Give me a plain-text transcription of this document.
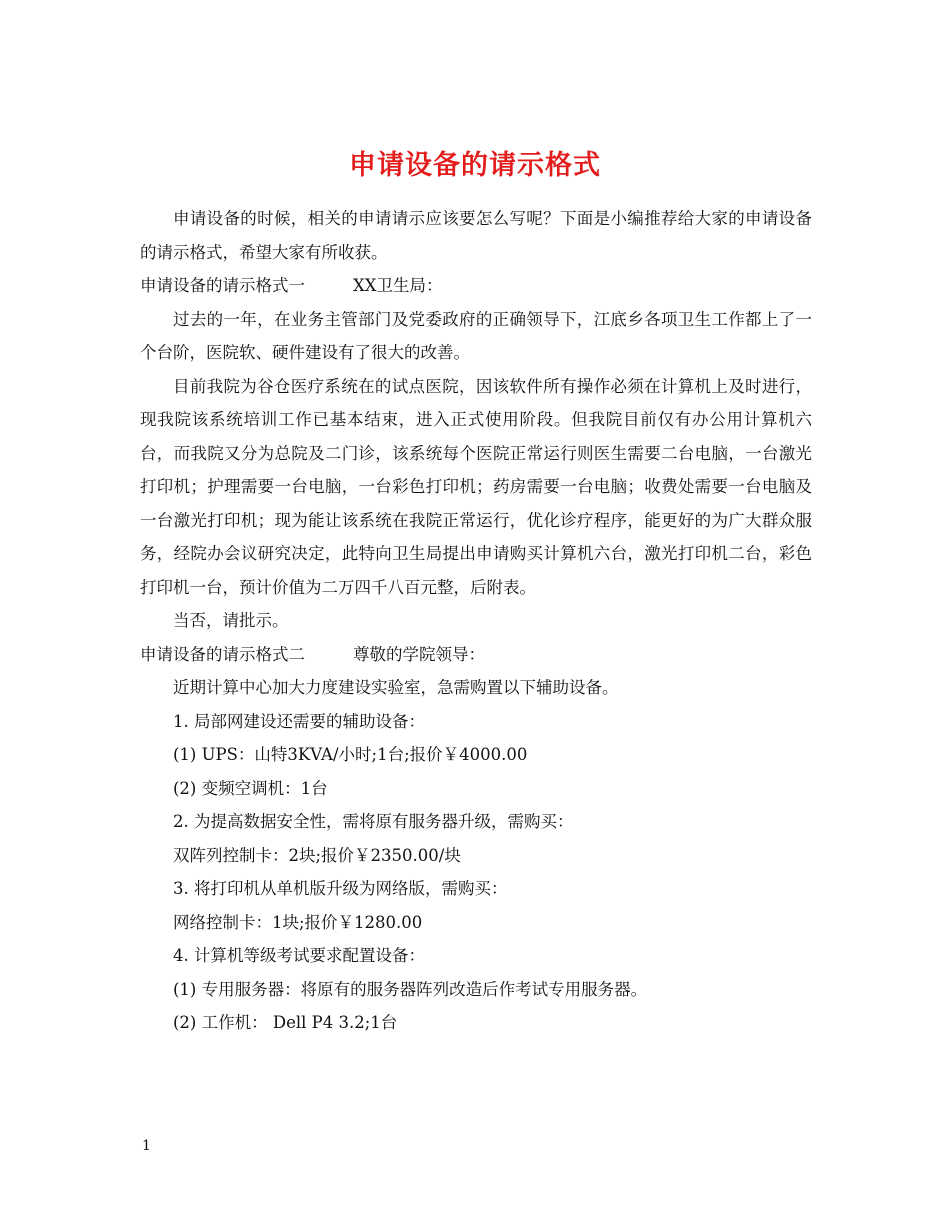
申请设备的请示格式

申请设备的时候，相关的申请请示应该要怎么写呢？下面是小编推荐给大家的申请设备的请示格式，希望大家有所收获。

申请设备的请示格式一	XX卫生局：

过去的一年，在业务主管部门及党委政府的正确领导下，江底乡各项卫生工作都上了一个台阶，医院软、硬件建设有了很大的改善。

目前我院为谷仓医疗系统在的试点医院，因该软件所有操作必须在计算机上及时进行，现我院该系统培训工作已基本结束，进入正式使用阶段。但我院目前仅有办公用计算机六台，而我院又分为总院及二门诊，该系统每个医院正常运行则医生需要二台电脑，一台激光打印机；护理需要一台电脑，一台彩色打印机；药房需要一台电脑；收费处需要一台电脑及一台激光打印机；现为能让该系统在我院正常运行，优化诊疗程序，能更好的为广大群众服务，经院办会议研究决定，此特向卫生局提出申请购买计算机六台，激光打印机二台，彩色打印机一台，预计价值为二万四千八百元整，后附表。

当否，请批示。

申请设备的请示格式二	尊敬的学院领导：

近期计算中心加大力度建设实验室，急需购置以下辅助设备。

1. 局部网建设还需要的辅助设备：

(1) UPS：山特3KVA/小时;1台;报价￥4000.00

(2) 变频空调机：1台

2. 为提高数据安全性，需将原有服务器升级，需购买：

双阵列控制卡：2块;报价￥2350.00/块

3. 将打印机从单机版升级为网络版，需购买：

网络控制卡：1块;报价￥1280.00

4. 计算机等级考试要求配置设备：

(1) 专用服务器：将原有的服务器阵列改造后作考试专用服务器。

(2) 工作机： Dell P4 3.2;1台

1
